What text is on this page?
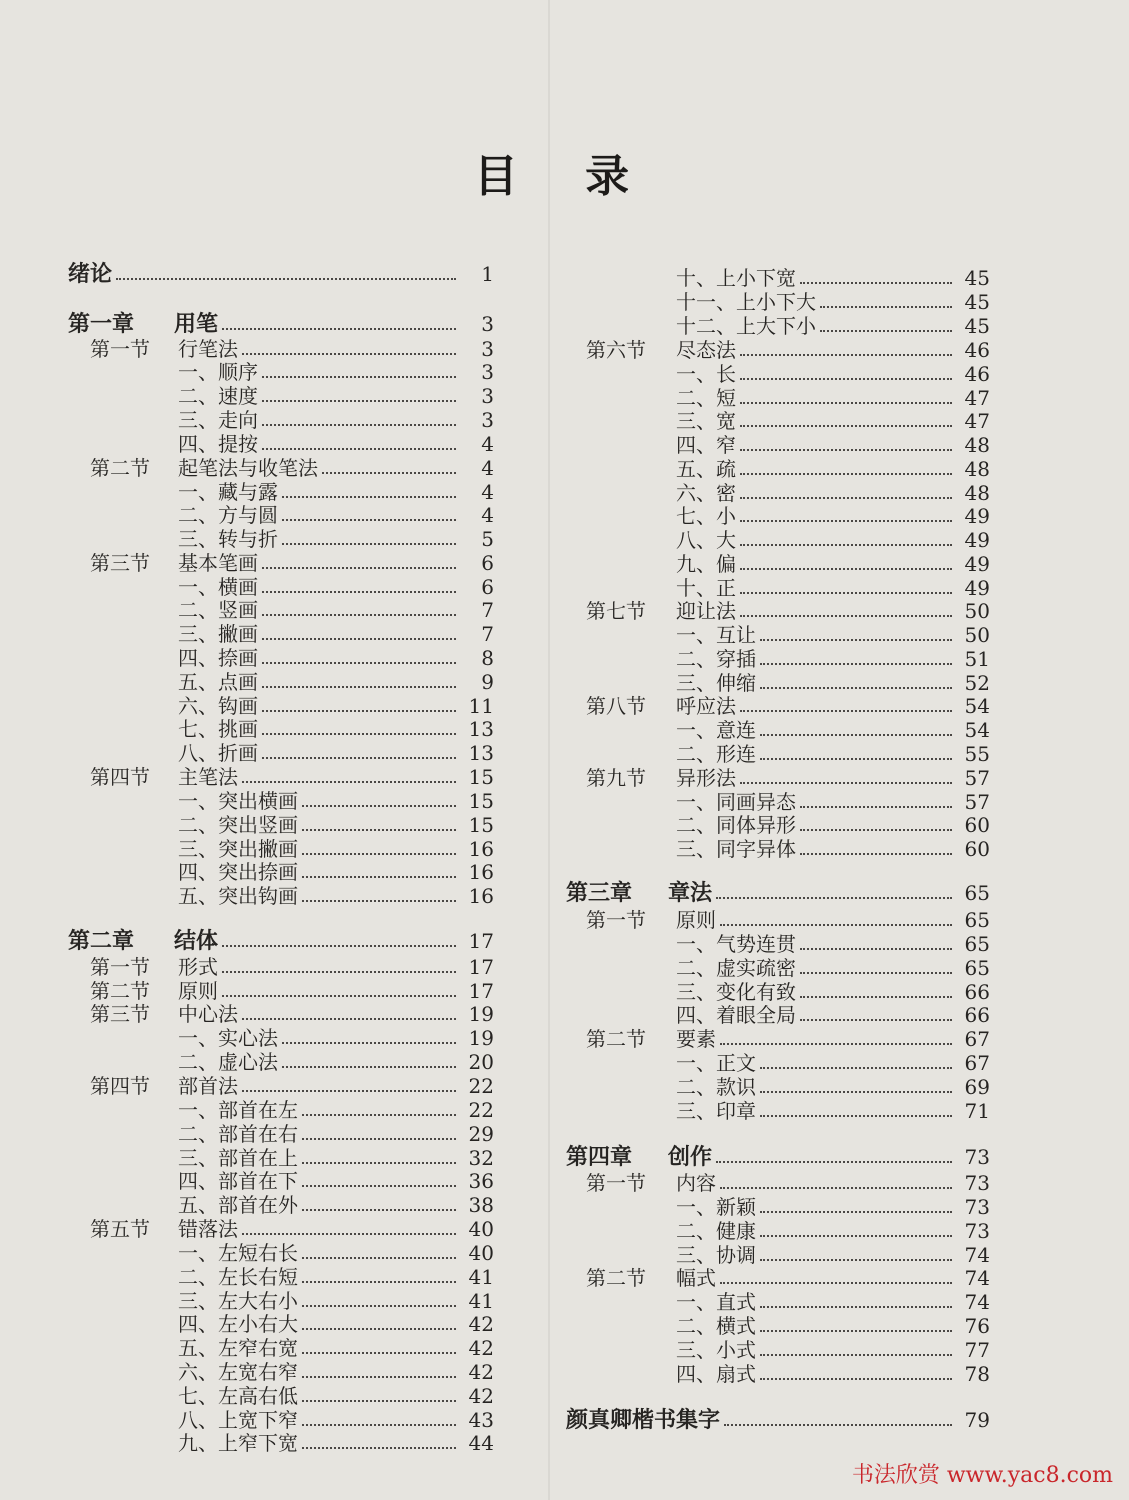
目 录
绪论	1
第一章	用笔	3
第一节	行笔法	3
一、顺序	3
二、速度	3
三、走向	3
四、提按	4
第二节	起笔法与收笔法	4
一、藏与露	4
二、方与圆	4
三、转与折	5
第三节	基本笔画	6
一、横画	6
二、竖画	7
三、撇画	7
四、捺画	8
五、点画	9
六、钩画	11
七、挑画	13
八、折画	13
第四节	主笔法	15
一、突出横画	15
二、突出竖画	15
三、突出撇画	16
四、突出捺画	16
五、突出钩画	16
第二章	结体	17
第一节	形式	17
第二节	原则	17
第三节	中心法	19
一、实心法	19
二、虚心法	20
第四节	部首法	22
一、部首在左	22
二、部首在右	29
三、部首在上	32
四、部首在下	36
五、部首在外	38
第五节	错落法	40
一、左短右长	40
二、左长右短	41
三、左大右小	41
四、左小右大	42
五、左窄右宽	42
六、左宽右窄	42
七、左高右低	42
八、上宽下窄	43
九、上窄下宽	44
十、上小下宽	45
十一、上小下大	45
十二、上大下小	45
第六节	尽态法	46
一、长	46
二、短	47
三、宽	47
四、窄	48
五、疏	48
六、密	48
七、小	49
八、大	49
九、偏	49
十、正	49
第七节	迎让法	50
一、互让	50
二、穿插	51
三、伸缩	52
第八节	呼应法	54
一、意连	54
二、形连	55
第九节	异形法	57
一、同画异态	57
二、同体异形	60
三、同字异体	60
第三章	章法	65
第一节	原则	65
一、气势连贯	65
二、虚实疏密	65
三、变化有致	66
四、着眼全局	66
第二节	要素	67
一、正文	67
二、款识	69
三、印章	71
第四章	创作	73
第一节	内容	73
一、新颖	73
二、健康	73
三、协调	74
第二节	幅式	74
一、直式	74
二、横式	76
三、小式	77
四、扇式	78
颜真卿楷书集字	79
书法欣赏 www.yac8.com
